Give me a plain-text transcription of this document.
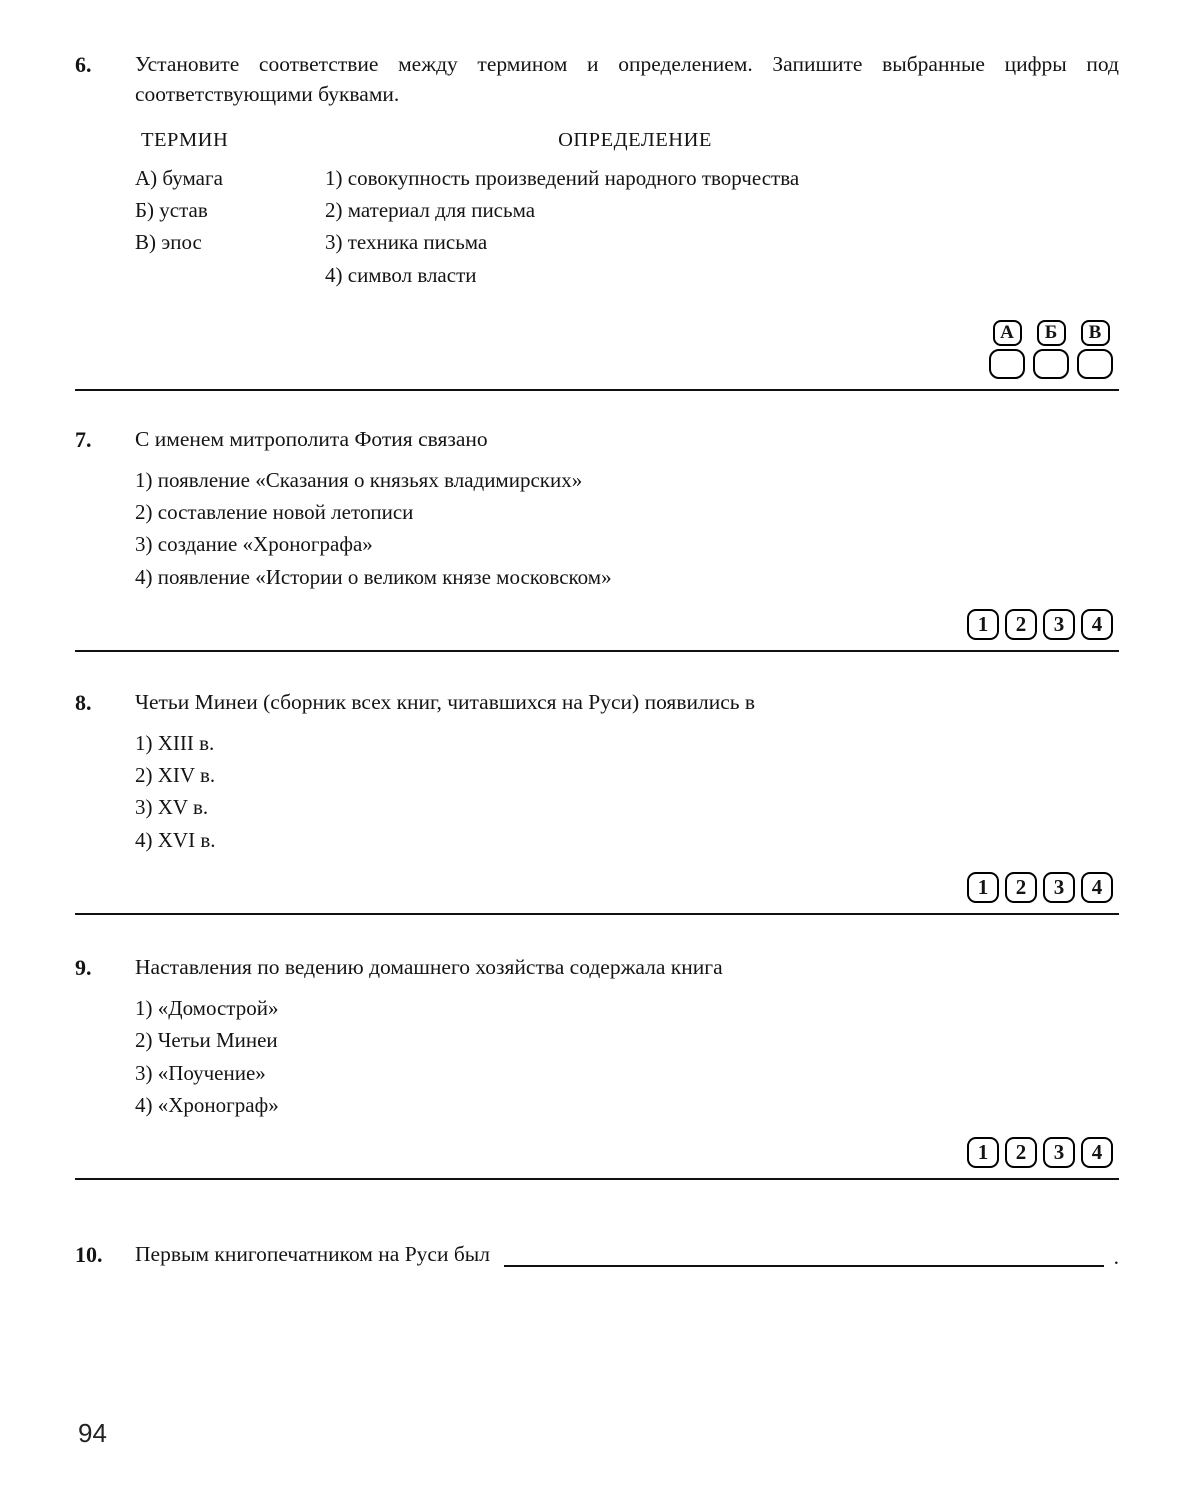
6.	Установите соответствие между термином и определением. Запишите выбранные цифры под соответствующими буквами.
ТЕРМИН
А) бумага
Б) устав
В) эпос
ОПРЕДЕЛЕНИЕ
1) совокупность произведений народного творчества
2) материал для письма
3) техника письма
4) символ власти
А	Б	В
7.	С именем митрополита Фотия связано
1) появление «Сказания о князьях владимирских»
2) составление новой летописи
3) создание «Хронографа»
4) появление «Истории о великом князе московском»
1	2	3	4
8.	Четьи Минеи (сборник всех книг, читавшихся на Руси) появились в
1) XIII в.
2) XIV в.
3) XV в.
4) XVI в.
1	2	3	4
9.	Наставления по ведению домашнего хозяйства содержала книга
1) «Домострой»
2) Четьи Минеи
3) «Поучение»
4) «Хронограф»
1	2	3	4
10.	Первым книгопечатником на Руси был	.
94
